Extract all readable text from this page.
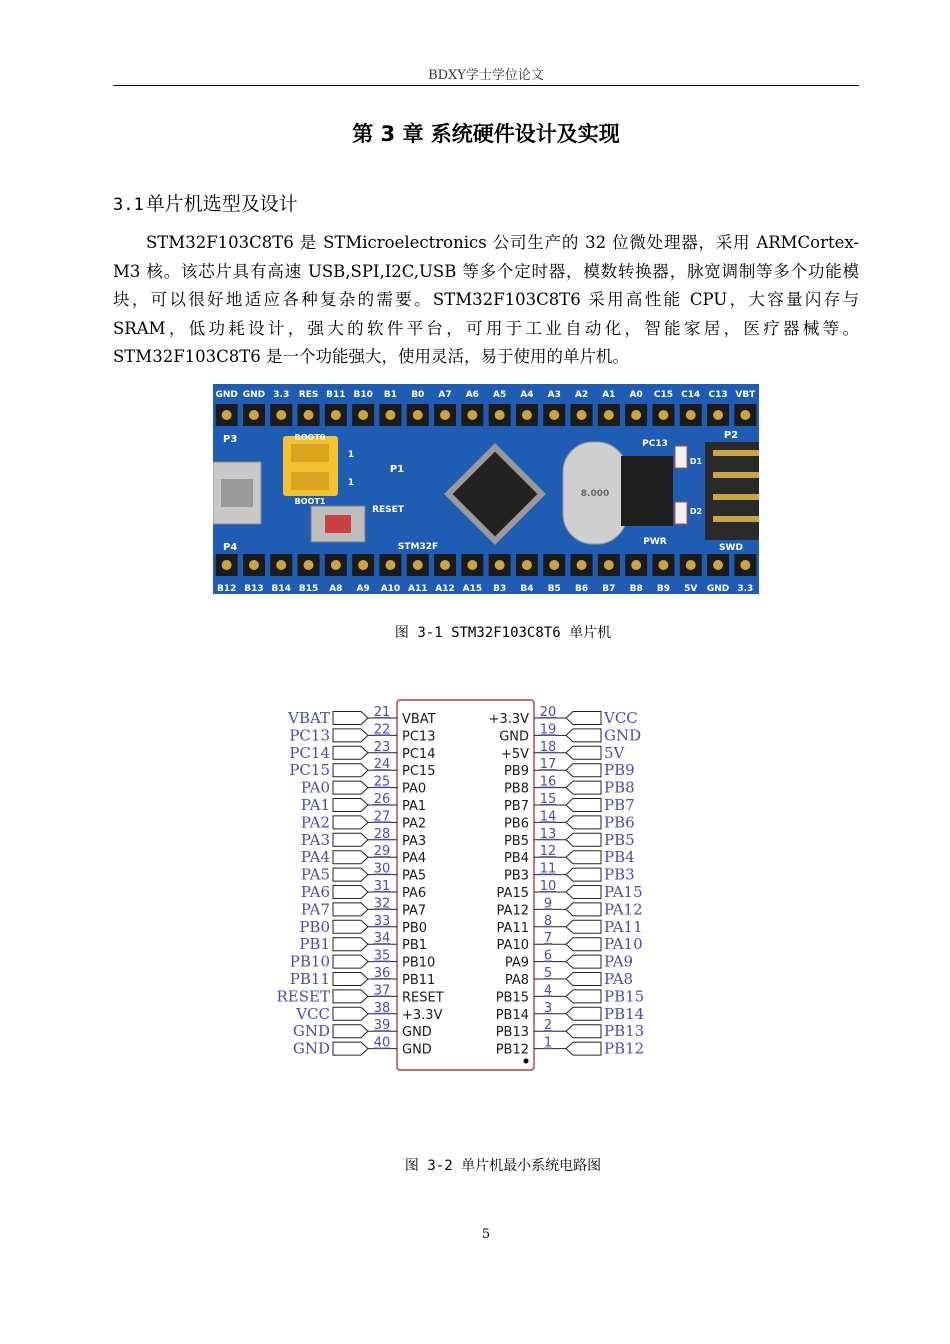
BDXY学士学位论文
第 3 章 系统硬件设计及实现
3.1 单片机选型及设计

STM32F103C8T6 是 STMicroelectronics 公司生产的 32 位微处理器，采用 ARMCortex-M3 核。该芯片具有高速 USB,SPI,I2C,USB 等多个定时器，模数转换器，脉宽调制等多个功能模块，可以很好地适应各种复杂的需要。STM32F103C8T6 采用高性能 CPU，大容量闪存与 SRAM，低功耗设计，强大的软件平台，可用于工业自动化，智能家居，医疗器械等。STM32F103C8T6 是一个功能强大，使用灵活，易于使用的单片机。

GND GND 3.3 RES B11 B10 B1 B0 A7 A6 A5 A4 A3 A2 A1 A0 C15 C14 C13 VBT
B12 B13 B14 B15 A8 A9 A10 A11 A12 A15 B3 B4 B5 B6 B7 B8 B9 5V GND 3.3
P3
P4
BOOT0
BOOT1
1
1
P1
RESET
STM32F
8.000
PC13
PWR
D1
D2
P2
SWD
图 3-1 STM32F103C8T6 单片机
VBAT	21 VBAT
PC13	22 PC13
PC14	23 PC14
PC15	24 PC15
PA0	25 PA0
PA1	26 PA1
PA2	27 PA2
PA3	28 PA3
PA4	29 PA4
PA5	30 PA5
PA6	31 PA6
PA7	32 PA7
PB0	33 PB0
PB1	34 PB1
PB10	35 PB10
PB11	36 PB11
RESET	37 RESET
VCC	38 +3.3V
GND	39 GND
GND	40 GND
+3.3V 20	VCC
GND 19	GND
+5V 18	5V
PB9 17	PB9
PB8 16	PB8
PB7 15	PB7
PB6 14	PB6
PB5 13	PB5
PB4 12	PB4
PB3 11	PB3
PA15 10	PA15
PA12 9	PA12
PA11 8	PA11
PA10 7	PA10
PA9 6	PA9
PA8 5	PA8
PB15 4	PB15
PB14 3	PB14
PB13 2	PB13
PB12 1	PB12
图 3-2 单片机最小系统电路图
5
